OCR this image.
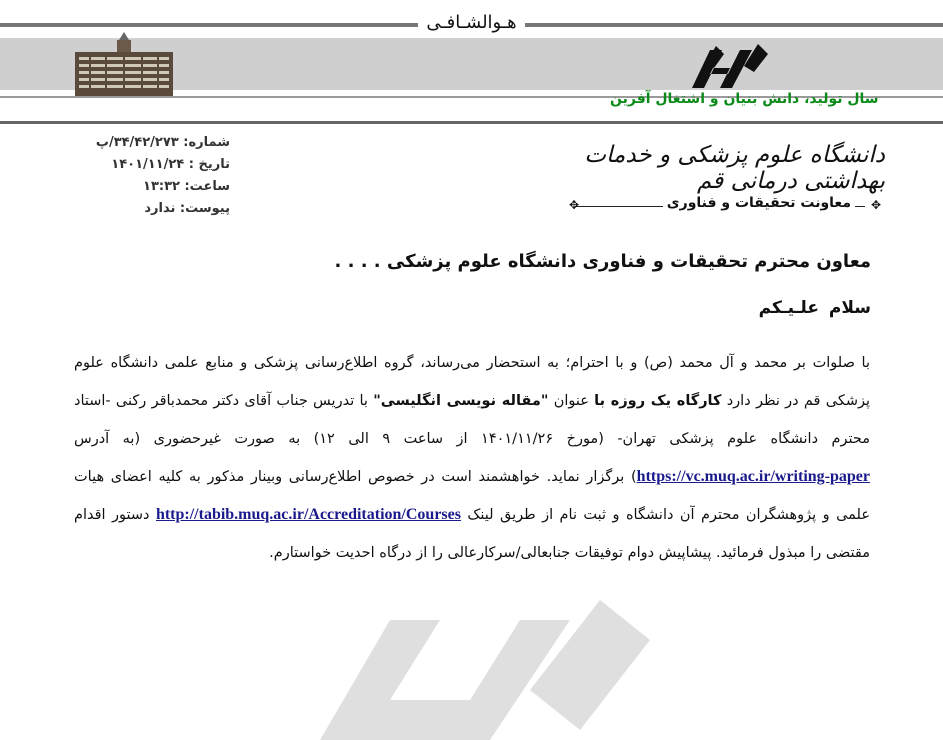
هـوالشـافـی
سال تولید، دانش بنیان و اشتغال آفرین
شماره: ۳۴/۴۲/۲۷۳/پ
تاریخ : ۱۴۰۱/۱۱/۲۴
ساعت: ۱۳:۳۲
پیوست: ندارد
دانشگاه علوم پزشکی و خدمات بهداشتی درمانی قم
✥	✥
معاونت تحقیقات و فناوری
معاون محترم تحقیقات و فناوری دانشگاه علوم پزشکی . . . .
سلام علـیـکم
با صلوات بر محمد و آل محمد (ص) و با احترام؛ به استحضار می‌رساند، گروه اطلاع‌رسانی پزشکی و منابع علمی دانشگاه علوم پزشکی قم در نظر دارد کارگاه یک روزه با عنوان "مقاله نویسی انگلیسی" با تدریس جناب آقای دکتر محمدباقر رکنی -استاد محترم دانشگاه علوم پزشکی تهران- (مورخ ۱۴۰۱/۱۱/۲۶ از ساعت ۹ الی ۱۲) به صورت غیرحضوری (به آدرس https://vc.muq.ac.ir/writing-paper) برگزار نماید. خواهشمند است در خصوص اطلاع‌رسانی وبینار مذکور به کلیه اعضای هیات علمی و پژوهشگران محترم آن دانشگاه و ثبت نام از طریق لینک http://tabib.muq.ac.ir/Accreditation/Courses دستور اقدام مقتضی را مبذول فرمائید. پیشاپیش دوام توفیقات جنابعالی/سرکارعالی را از درگاه احدیت خواستارم.
